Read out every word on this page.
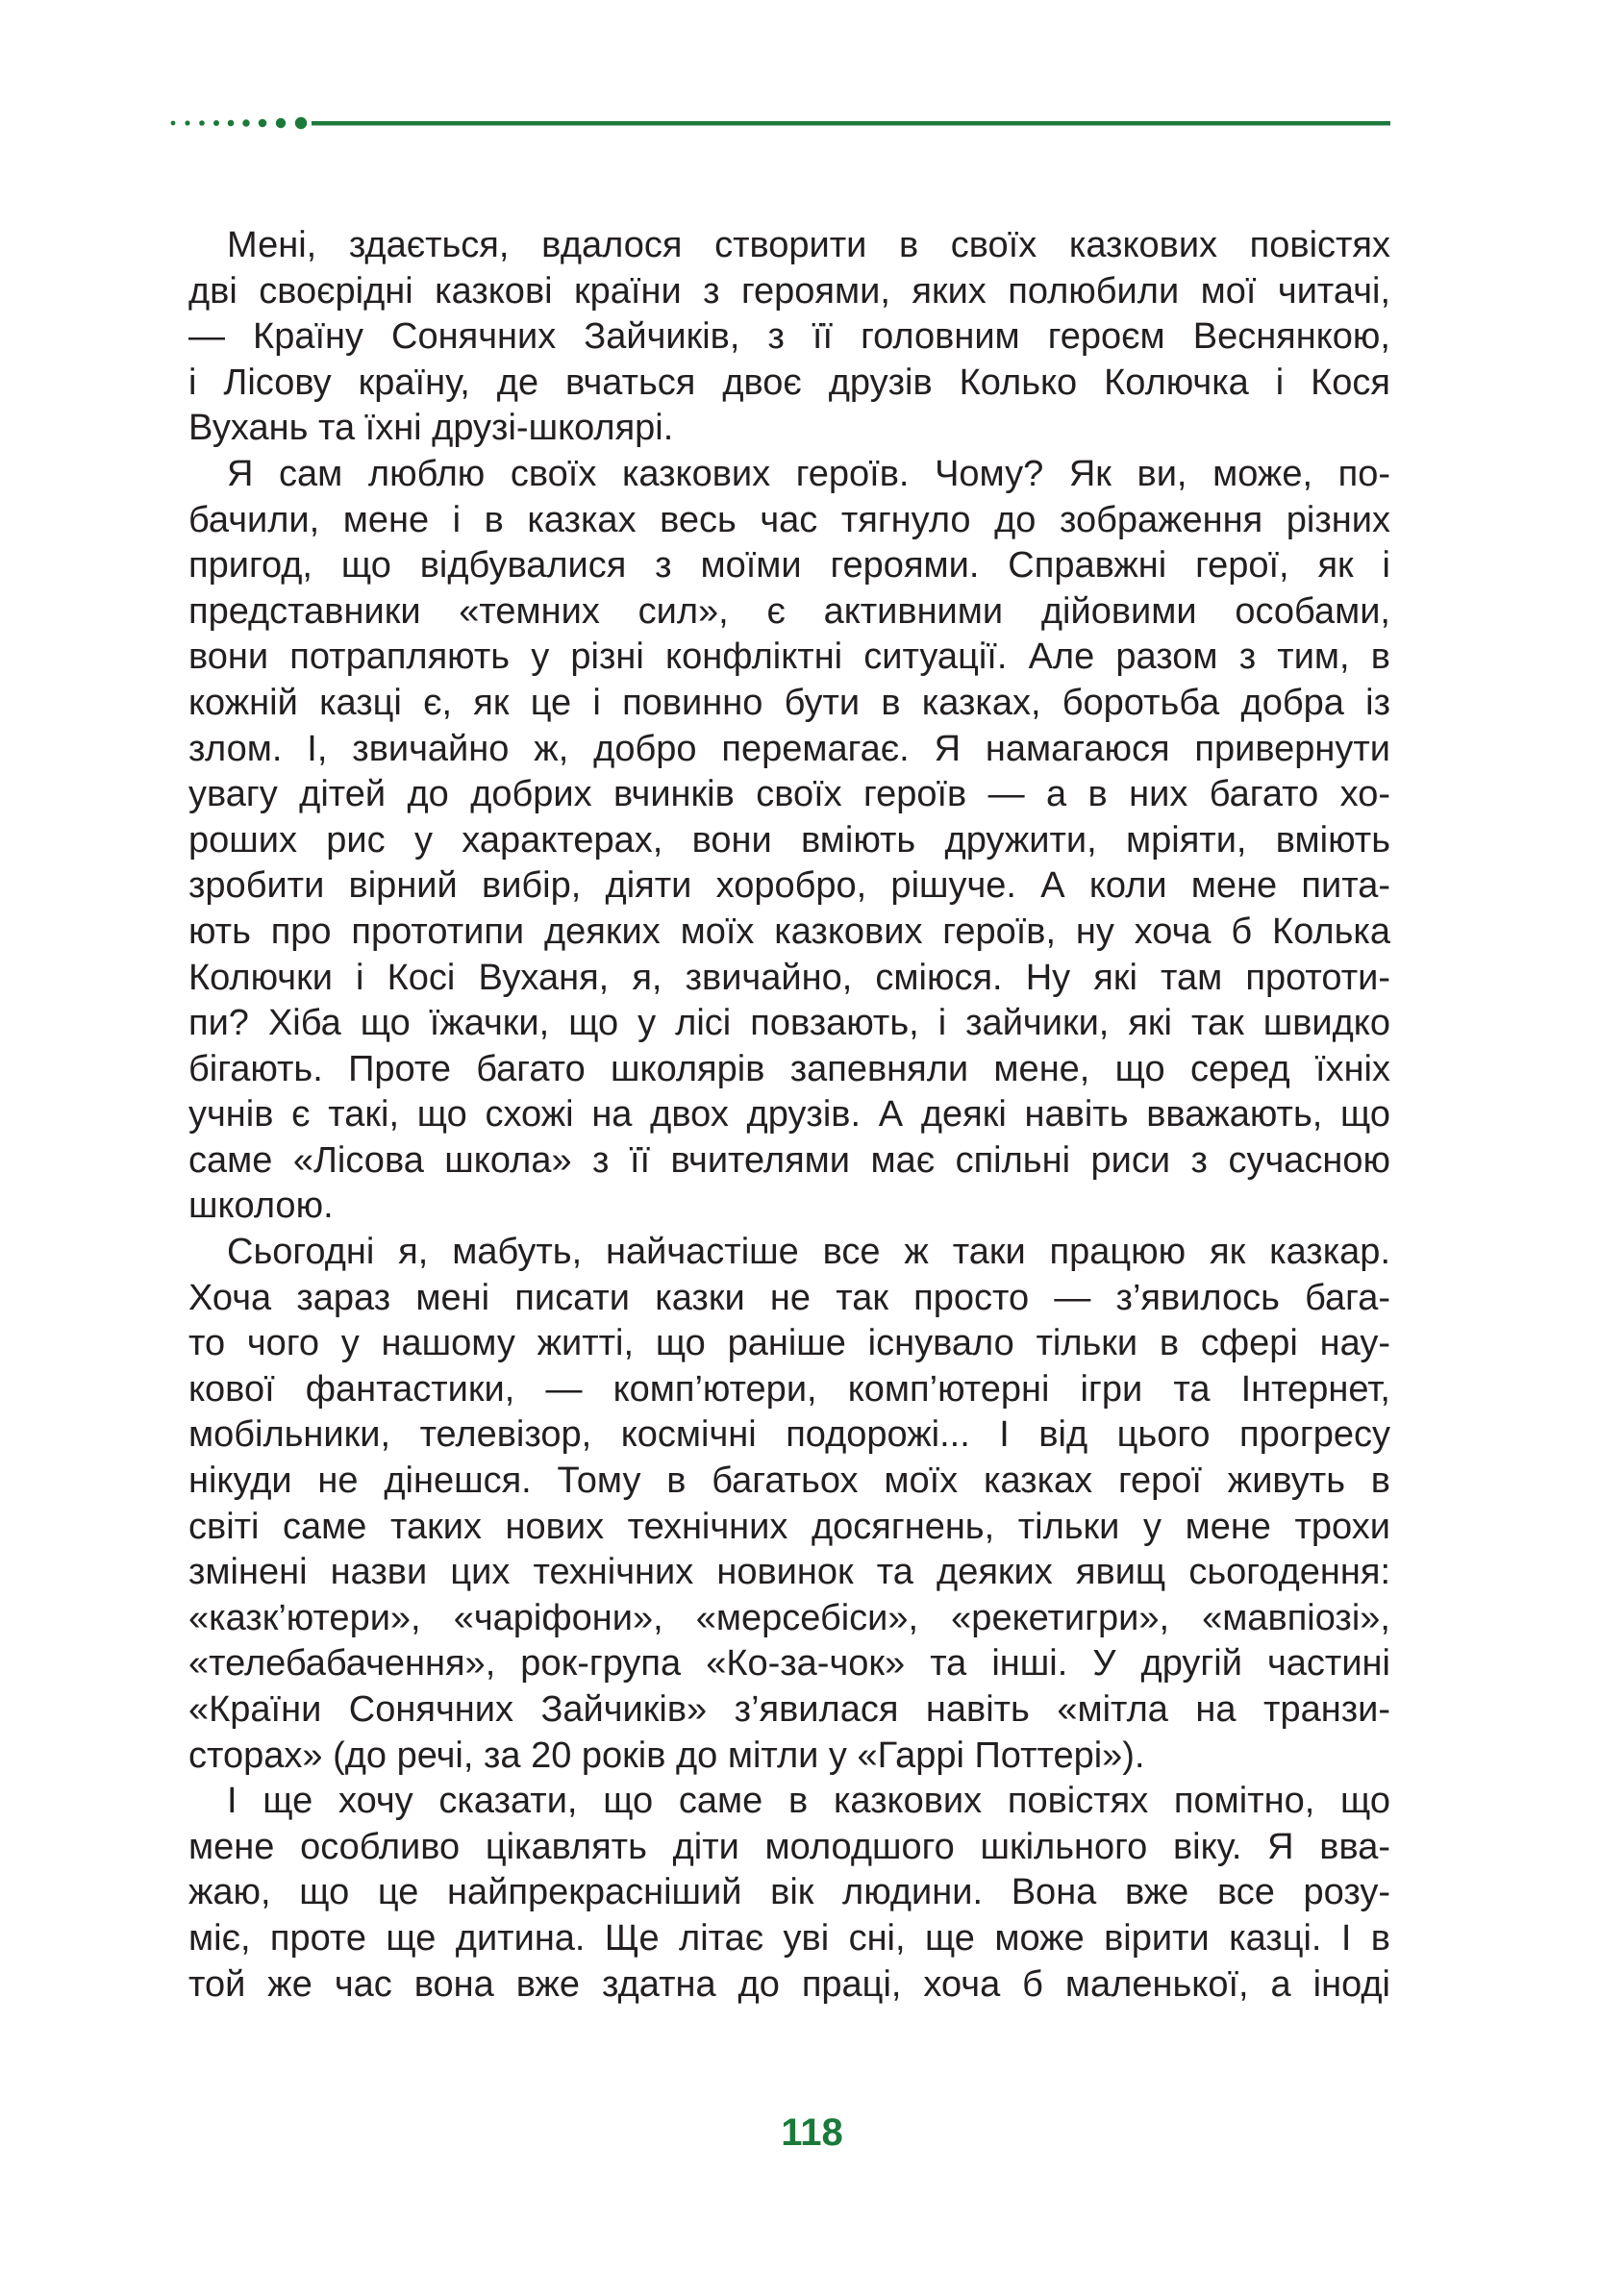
Мені, здається, вдалося створити в своїх казкових повістях
дві своєрідні казкові країни з героями, яких полюбили мої читачі,
— Країну Сонячних Зайчиків, з її головним героєм Веснянкою,
і Лісову країну, де вчаться двоє друзів Колько Колючка і Кося
Вухань та їхні друзі-школярі.
Я сам люблю своїх казкових героїв. Чому? Як ви, може, по-
бачили, мене і в казках весь час тягнуло до зображення різних
пригод, що відбувалися з моїми героями. Справжні герої, як і
представники «темних сил», є активними дійовими особами,
вони потрапляють у різні конфліктні ситуації. Але разом з тим, в
кожній казці є, як це і повинно бути в казках, боротьба добра із
злом. І, звичайно ж, добро перемагає. Я намагаюся привернути
увагу дітей до добрих вчинків своїх героїв — а в них багато хо-
роших рис у характерах, вони вміють дружити, мріяти, вміють
зробити вірний вибір, діяти хоробро, рішуче. А коли мене пита-
ють про прототипи деяких моїх казкових героїв, ну хоча б Колька
Колючки і Косі Вуханя, я, звичайно, сміюся. Ну які там прототи-
пи? Хіба що їжачки, що у лісі повзають, і зайчики, які так швидко
бігають. Проте багато школярів запевняли мене, що серед їхніх
учнів є такі, що схожі на двох друзів. А деякі навіть вважають, що
саме «Лісова школа» з її вчителями має спільні риси з сучасною
школою.
Сьогодні я, мабуть, найчастіше все ж таки працюю як казкар.
Хоча зараз мені писати казки не так просто — з’явилось бага-
то чого у нашому житті, що раніше існувало тільки в сфері нау-
кової фантастики, — комп’ютери, комп’ютерні ігри та Інтернет,
мобільники, телевізор, космічні подорожі... І від цього прогресу
нікуди не дінешся. Тому в багатьох моїх казках герої живуть в
світі саме таких нових технічних досягнень, тільки у мене трохи
змінені назви цих технічних новинок та деяких явищ сьогодення:
«казк’ютери», «чаріфони», «мерсебіси», «рекетигри», «мавпіозі»,
«телебабачення», рок-група «Ко-за-чок» та інші. У другій частині
«Країни Сонячних Зайчиків» з’явилася навіть «мітла на транзи-
сторах» (до речі, за 20 років до мітли у «Гаррі Поттері»).
І ще хочу сказати, що саме в казкових повістях помітно, що
мене особливо цікавлять діти молодшого шкільного віку. Я вва-
жаю, що це найпрекрасніший вік людини. Вона вже все розу-
міє, проте ще дитина. Ще літає уві сні, ще може вірити казці. І в
той же час вона вже здатна до праці, хоча б маленької, а іноді
118
